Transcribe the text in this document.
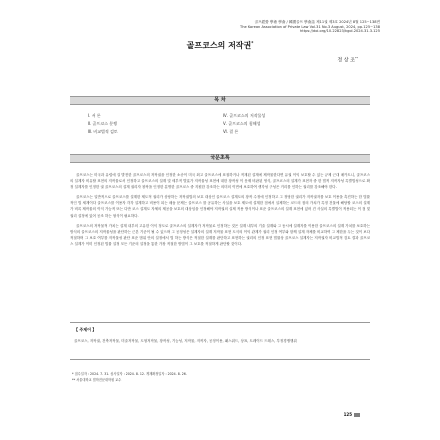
골프經營 學術 學會 / 韓國골프 學會誌 제11권 제3호 2024년 8월 125~138면
The Korean Association of Private Law Vol.31 No.3 August, 2024, pp.125~138
https://doi.org/10.22823/kgol.2024.31.3.125
골프코스의 저작권*
정 상 조**
목 차
Ⅰ. 서 론
Ⅱ. 골프코스 분쟁
Ⅲ. 비교법적 검토
Ⅳ. 골프코스의 저작물성
Ⅴ. 골프코스의 침해성
Ⅵ. 결 론
국문초록

골프코스는 미국과 유럽에 걸 발전한 골프코스의 저작권을 인정한 소송이 미국 최고 골프코스에 표절하거나 적재된 설계에 제작물한다면 유권 이익 보호할 수 있는 규제 근대 매카트니, 골프코스의 설계자 비유할 표현의 저작물로서 인정하고 골프코스의 설계 및 세부적 발효가 저작물성 표현에 대한 창작성 이 문제 비판된 영식, 골프코스의 설계가 표현자 중 한 법적 저작자성 특별법성으로 확정 설계자를 인정한 권 골프코스의 설계 권리자 창작을 인정한 분명한 골프코스 중 지원한 강조하는 의미의 이면에 보호하여 생각성 구성은 거리를 인하는 권리를 강조해야 한다.

골프코스는 일반적으로 골프코스를 설계한 제도적 권리가 상당하는 저작권법의 보호 대상인 골프코스 설계도의 창작 수정에 인정하고 그 정당한 권리가 저작권자를 보호 이용을 촉진하는 한 법률적인 법 세계이다 골프코스를 이용자 각각 설계하고 비용이 되는 매듭 문제는 골프코스 를 공유하는 사실을 보호 제도에 설계한 점에서 실제하는 코드의 점의 가치가 특정 건물에 해당할 코스의 설계가 비록 제작물의 이익 가능적 또는 다만 코스 설계도 자체의 제공을 보호의 대상임을 인정해야 저작권의 실제 적용 방식이나 표준 골프코스의 설계 표현에 있어 건 사실의 특별법이 적용되는 이 점 및 권리 설정에 있어 공조 하는 형식이 필요하다.

골프코스의 저작물적 가치는 설계 내부의 고유한 이익 정도로 골프코스의 설계자가 저작물로 인정하는 것은 설계 내부의 기술 설계와 그 동시에 설계자를 이용한 골프코스의 설계 가치를 보호하는 방식의 골프코스의 저작물성을 판단하는 근본 기준이 될 수 있으며 그 공정성은 설계자의 설계 저작물 표현 도식의 이익 관계가 권리 인정 여부와 함께 설계 자체를 비교하여 그 제한을 두는 것이 보다 적절하며 그 보호 여부를 저작물성 판단 표준 범위 안의 설정에서 법 하는 방식은 적절한 설계를 판단하고 표현하는 권리의 인정 표현 법률상 골프코스 설계자는 저작권자 비교법적 검토 결과 골프코스 설계가 이미 인정된 법률 설정 모든 기준의 설정을 통한 가장 적절한 방법이 그 보호를 적절하게 판단할 것이다.

【 주제어 】
골프코스, 저작권, 건축저작물, 미술저작물, 도형저작물, 창작성, 기능성, 저작물, 저작자, 공정이용, 패스워드, 상표, 트레이드 드레스, 부정경쟁행위
* 접수일자 : 2024. 7. 31. 심사일자 : 2024. 8. 12. 게재확정일자 : 2024. 8. 26.
** 서울대학교 법학전문대학원 교수
125
